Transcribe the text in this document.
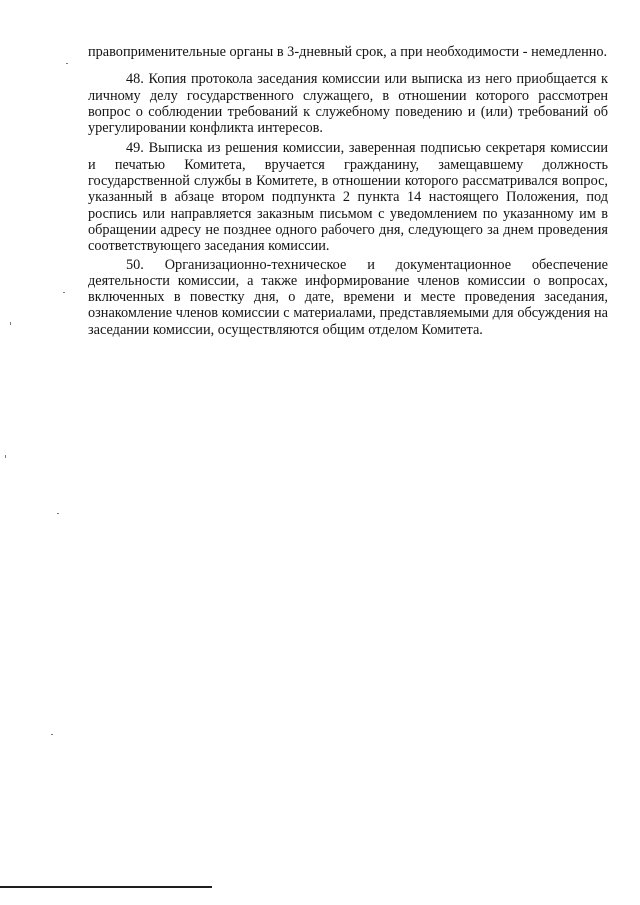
правоприменительные органы в 3-дневный срок, а при необходимости - немедленно.

48. Копия протокола заседания комиссии или выписка из него приобщается к личному делу государственного служащего, в отношении которого рассмотрен вопрос о соблюдении требований к служебному поведению и (или) требований об урегулировании конфликта интересов.

49. Выписка из решения комиссии, заверенная подписью секретаря комиссии и печатью Комитета, вручается гражданину, замещавшему должность государственной службы в Комитете, в отношении которого рассматривался вопрос, указанный в абзаце втором подпункта 2 пункта 14 настоящего Положения, под роспись или направляется заказным письмом с уведомлением по указанному им в обращении адресу не позднее одного рабочего дня, следующего за днем проведения соответствующего заседания комиссии.

50. Организационно-техническое и документационное обеспечение деятельности комиссии, а также информирование членов комиссии о вопросах, включенных в повестку дня, о дате, времени и месте проведения заседания, ознакомление членов комиссии с материалами, представляемыми для обсуждения на заседании комиссии, осуществляются общим отделом Комитета.
